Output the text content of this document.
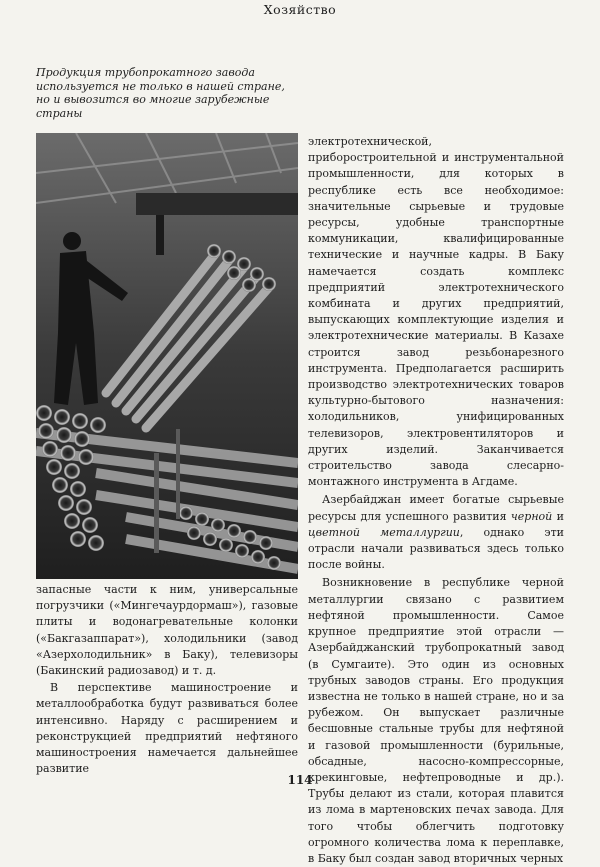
Хозяйство
Продукция трубопрокатного завода используется не только в нашей стране, но и вывозится во многие зарубежные страны

электротехнической, приборостроительной и инструментальной промышленности, для которых в республике есть все необходимое: значительные сырьевые и трудовые ресурсы, удобные транспортные коммуникации, квалифицированные технические и научные кадры. В Баку намечается создать комплекс предприятий электротехнического комбината и других предприятий, выпускающих комплектующие изделия и электротехнические материалы. В Казахе строится завод резьбонарезного инструмента. Предполагается расширить производство электротехнических товаров культурно-бытового назначения: холодильников, унифицированных телевизоров, электровентиляторов и других изделий. Заканчивается строительство завода слесарно-монтажного инструмента в Агдаме.

Азербайджан имеет богатые сырьевые ресурсы для успешного развития черной и цветной металлургии, однако эти отрасли начали развиваться здесь только после войны.

Возникновение в республике черной металлургии связано с развитием нефтяной промышленности. Самое крупное предприятие этой отрасли — Азербайджанский трубопрокатный завод (в Сумгаите). Это один из основных трубных заводов страны. Его продукция известна не только в нашей стране, но и за рубежом. Он выпускает различные бесшовные стальные трубы для нефтяной и газовой промышленности (бурильные, обсадные, насосно-компрессорные, крекинговые, нефтепроводные и др.). Трубы делают из стали, которая плавится из лома в мартеновских печах завода. Для того чтобы облегчить подготовку огромного количества лома к переплавке, в Баку был создан завод вторичных черных

запасные части к ним, универсальные погрузчики («Мингечаурдормаш»), газовые плиты и водонагревательные колонки («Бакгазаппарат»), холодильники (завод «Азерхолодильник» в Баку), телевизоры (Бакинский радиозавод) и т. д.

В перспективе машиностроение и металлообработка будут развиваться более интенсивно. Наряду с расширением и реконструкцией предприятий нефтяного машиностроения намечается дальнейшее развитие

114
